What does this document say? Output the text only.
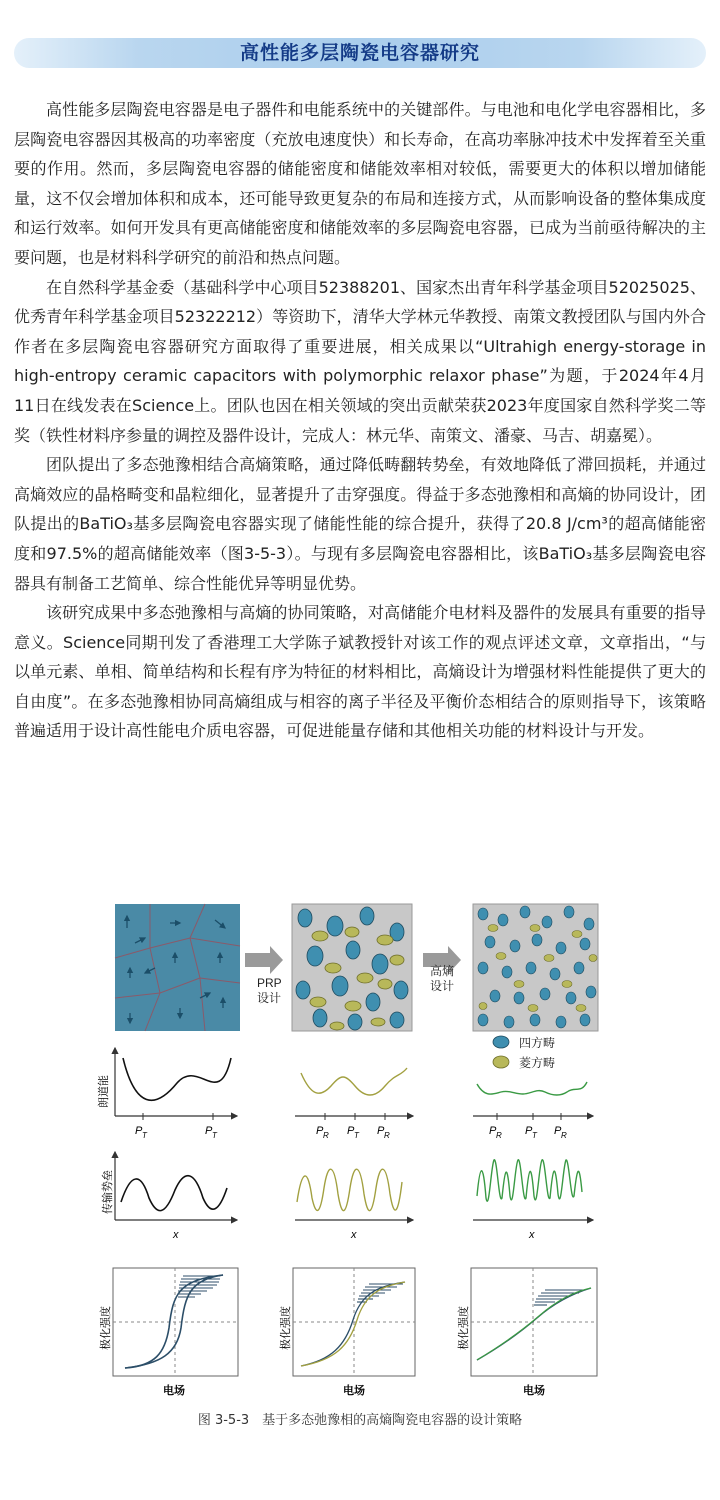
高性能多层陶瓷电容器研究

高性能多层陶瓷电容器是电子器件和电能系统中的关键部件。与电池和电化学电容器相比，多层陶瓷电容器因其极高的功率密度（充放电速度快）和长寿命，在高功率脉冲技术中发挥着至关重要的作用。然而，多层陶瓷电容器的储能密度和储能效率相对较低，需要更大的体积以增加储能量，这不仅会增加体积和成本，还可能导致更复杂的布局和连接方式，从而影响设备的整体集成度和运行效率。如何开发具有更高储能密度和储能效率的多层陶瓷电容器，已成为当前亟待解决的主要问题，也是材料科学研究的前沿和热点问题。

在自然科学基金委（基础科学中心项目52388201、国家杰出青年科学基金项目52025025、优秀青年科学基金项目52322212）等资助下，清华大学林元华教授、南策文教授团队与国内外合作者在多层陶瓷电容器研究方面取得了重要进展，相关成果以“Ultrahigh energy-storage in high-entropy ceramic capacitors with polymorphic relaxor phase”为题，于2024年4月11日在线发表在Science上。团队也因在相关领域的突出贡献荣获2023年度国家自然科学奖二等奖（铁性材料序参量的调控及器件设计，完成人：林元华、南策文、潘豪、马吉、胡嘉冕）。

团队提出了多态弛豫相结合高熵策略，通过降低畴翻转势垒，有效地降低了滞回损耗，并通过高熵效应的晶格畸变和晶粒细化，显著提升了击穿强度。得益于多态弛豫相和高熵的协同设计，团队提出的BaTiO₃基多层陶瓷电容器实现了储能性能的综合提升，获得了20.8 J/cm³的超高储能密度和97.5%的超高储能效率（图3-5-3）。与现有多层陶瓷电容器相比，该BaTiO₃基多层陶瓷电容器具有制备工艺简单、综合性能优异等明显优势。

该研究成果中多态弛豫相与高熵的协同策略，对高储能介电材料及器件的发展具有重要的指导意义。Science同期刊发了香港理工大学陈子斌教授针对该工作的观点评述文章，文章指出，“与以单元素、单相、简单结构和长程有序为特征的材料相比，高熵设计为增强材料性能提供了更大的自由度”。在多态弛豫相协同高熵组成与相容的离子半径及平衡价态相结合的原则指导下，该策略普遍适用于设计高性能电介质电容器，可促进能量存储和其他相关功能的材料设计与开发。

PRP
设计
高熵
设计
四方畴
菱方畴
P T	P T
朗道能
P R P T P R	P R P T P R
x
传输势垒
x	x
极化强度
电场
极化强度
电场
极化强度
电场
图 3-5-3　基于多态弛豫相的高熵陶瓷电容器的设计策略
